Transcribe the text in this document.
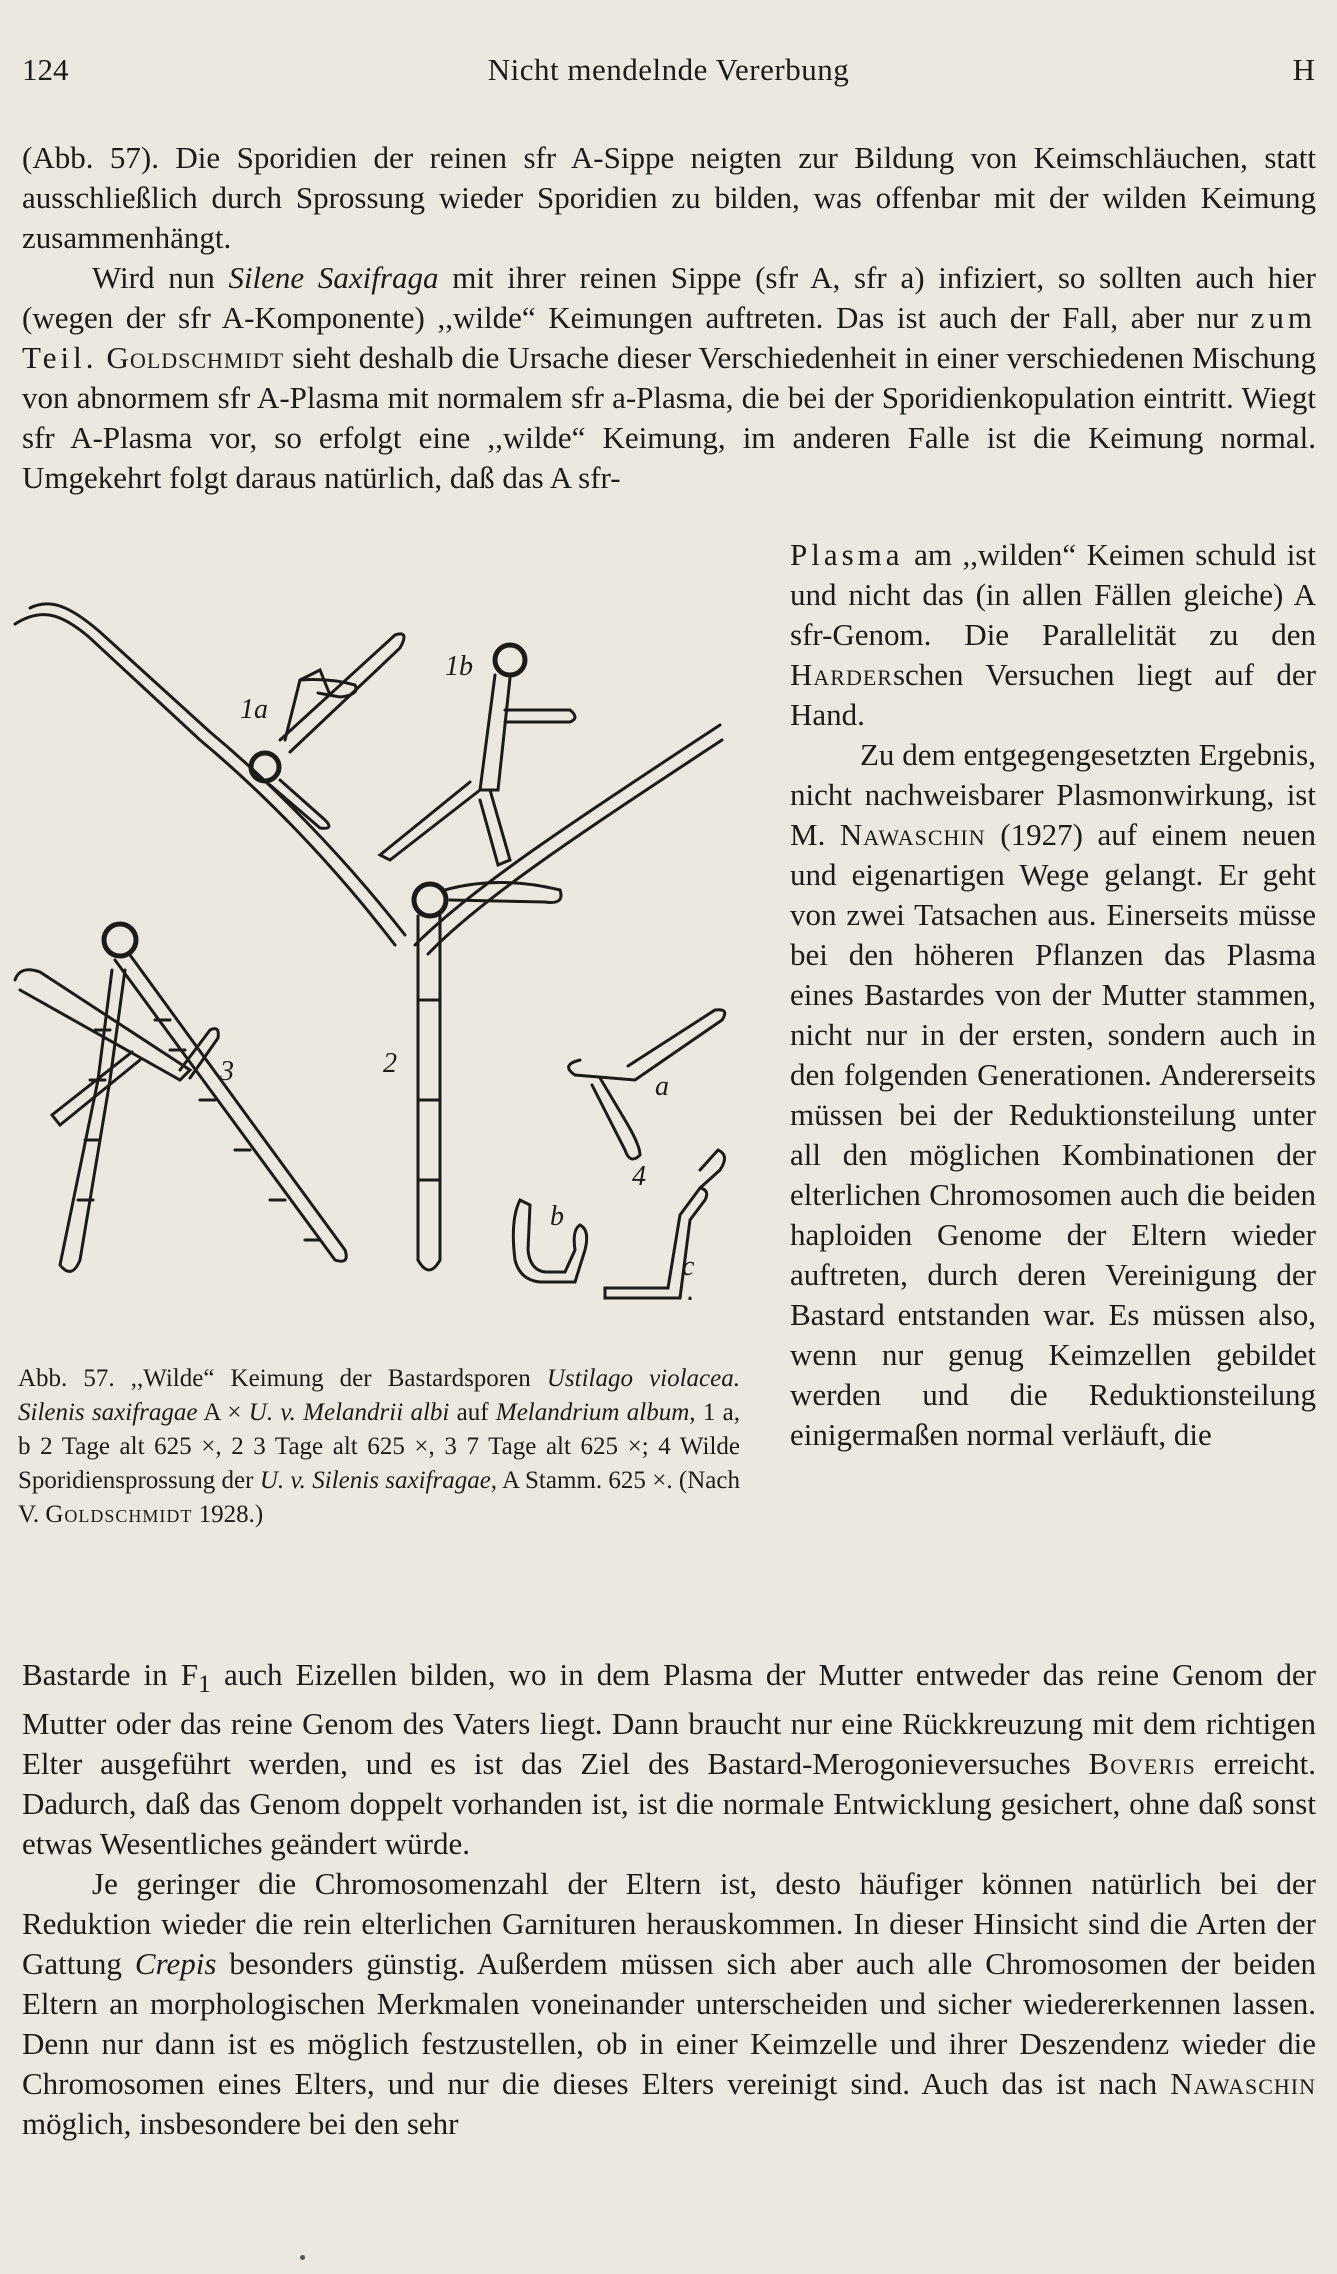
124	Nicht mendelnde Vererbung	H

(Abb. 57). Die Sporidien der reinen sfr A-Sippe neigten zur Bildung von Keimschläuchen, statt ausschließlich durch Sprossung wieder Sporidien zu bilden, was offenbar mit der wilden Keimung zusammenhängt.

Wird nun Silene Saxifraga mit ihrer reinen Sippe (sfr A, sfr a) infiziert, so sollten auch hier (wegen der sfr A-Komponente) ,,wilde“ Keimungen auftreten. Das ist auch der Fall, aber nur zum Teil. Goldschmidt sieht deshalb die Ursache dieser Verschiedenheit in einer verschiedenen Mischung von abnormem sfr A-Plasma mit normalem sfr a-Plasma, die bei der Sporidienkopulation eintritt. Wiegt sfr A-Plasma vor, so erfolgt eine ,,wilde“ Keimung, im anderen Falle ist die Keimung normal. Umgekehrt folgt daraus natürlich, daß das A sfr-

1a
1b
2
3
4
a
b
c
Abb. 57. ,,Wilde“ Keimung der Bastardsporen Ustilago violacea. Silenis saxifragae A × U. v. Melandrii albi auf Melandrium album, 1 a, b 2 Tage alt 625 ×, 2 3 Tage alt 625 ×, 3 7 Tage alt 625 ×; 4 Wilde Sporidiensprossung der U. v. Silenis saxifragae, A Stamm. 625 ×. (Nach V. Goldschmidt 1928.)

Plasma am ,,wilden“ Keimen schuld ist und nicht das (in allen Fällen gleiche) A sfr-Genom. Die Parallelität zu den Harderschen Versuchen liegt auf der Hand.

Zu dem entgegengesetzten Ergebnis, nicht nachweisbarer Plasmonwirkung, ist M. Nawaschin (1927) auf einem neuen und eigenartigen Wege gelangt. Er geht von zwei Tatsachen aus. Einerseits müsse bei den höheren Pflanzen das Plasma eines Bastardes von der Mutter stammen, nicht nur in der ersten, sondern auch in den folgenden Generationen. Andererseits müssen bei der Reduktionsteilung unter all den möglichen Kombinationen der elterlichen Chromosomen auch die beiden haploiden Genome der Eltern wieder auftreten, durch deren Vereinigung der Bastard entstanden war. Es müssen also, wenn nur genug Keimzellen gebildet werden und die Reduktionsteilung einigermaßen normal verläuft, die

Bastarde in $F_1$ auch Eizellen bilden, wo in dem Plasma der Mutter entweder das reine Genom der Mutter oder das reine Genom des Vaters liegt. Dann braucht nur eine Rückkreuzung mit dem richtigen Elter ausgeführt werden, und es ist das Ziel des Bastard-Merogonieversuches Boveris erreicht. Dadurch, daß das Genom doppelt vorhanden ist, ist die normale Entwicklung gesichert, ohne daß sonst etwas Wesentliches geändert würde.

Je geringer die Chromosomenzahl der Eltern ist, desto häufiger können natürlich bei der Reduktion wieder die rein elterlichen Garnituren herauskommen. In dieser Hinsicht sind die Arten der Gattung Crepis besonders günstig. Außerdem müssen sich aber auch alle Chromosomen der beiden Eltern an morphologischen Merkmalen voneinander unterscheiden und sicher wiedererkennen lassen. Denn nur dann ist es möglich festzustellen, ob in einer Keimzelle und ihrer Deszendenz wieder die Chromosomen eines Elters, und nur die dieses Elters vereinigt sind. Auch das ist nach Nawaschin möglich, insbesondere bei den sehr
